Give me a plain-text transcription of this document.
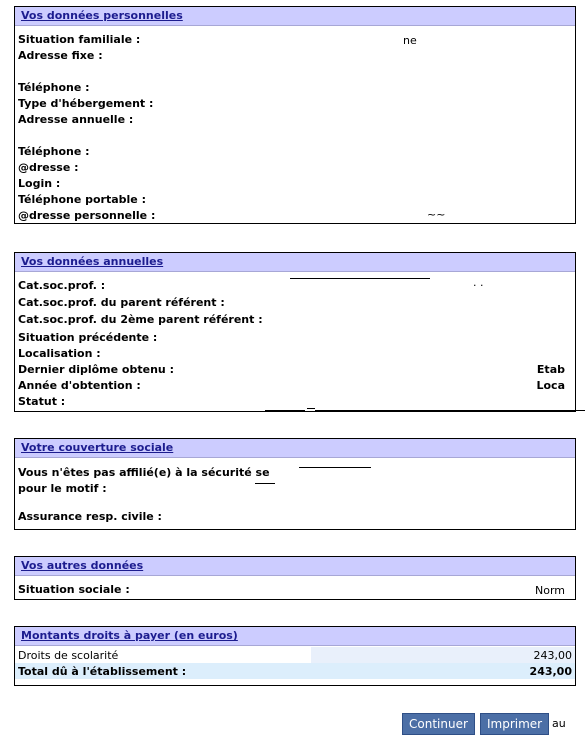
Vos données personnelles
Situation familiale :	ne
Adresse fixe :
Téléphone :
Type d'hébergement :
Adresse annuelle :
Téléphone :
@dresse :
Login :
Téléphone portable :
@dresse personnelle :	~~
Vos données annuelles
· ·
Cat.soc.prof. :
Cat.soc.prof. du parent référent :
Cat.soc.prof. du 2ème parent référent :
Situation précédente :
Localisation :
Dernier diplôme obtenu :	Etab
Année d'obtention :	Loca
Statut :
Votre couverture sociale
Vous n'êtes pas affilié(e) à la sécurité se
pour le motif :
Assurance resp. civile :
Vos autres données
Situation sociale :	Norm
Montants droits à payer (en euros)
Droits de scolarité	243,00
Total dû à l'établissement :	243,00
Continuer	Imprimer au
